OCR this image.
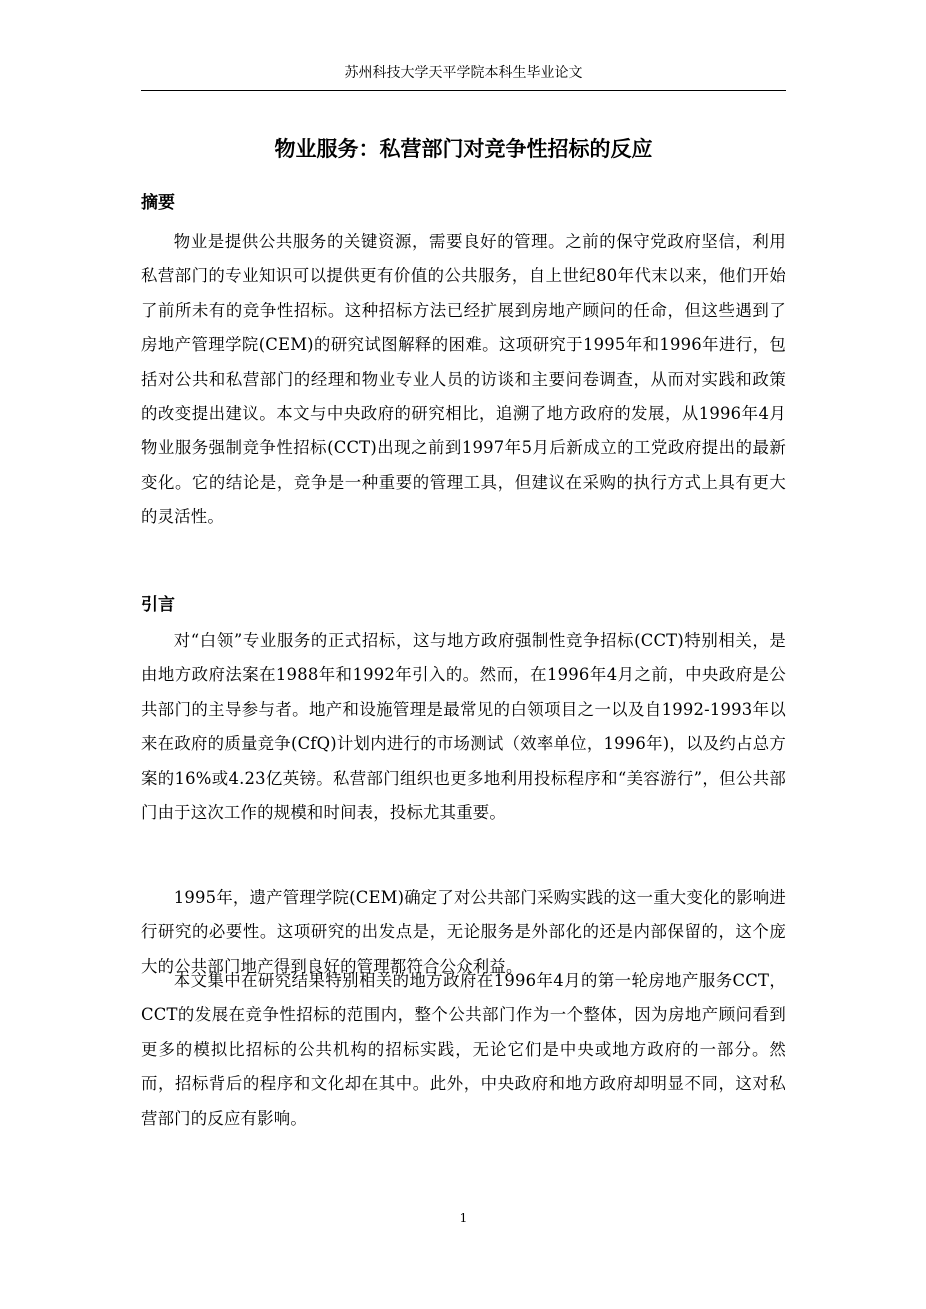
苏州科技大学天平学院本科生毕业论文
物业服务：私营部门对竞争性招标的反应
摘要

物业是提供公共服务的关键资源，需要良好的管理。之前的保守党政府坚信，利用私营部门的专业知识可以提供更有价值的公共服务，自上世纪80年代末以来，他们开始了前所未有的竞争性招标。这种招标方法已经扩展到房地产顾问的任命，但这些遇到了房地产管理学院(CEM)的研究试图解释的困难。这项研究于1995年和1996年进行，包括对公共和私营部门的经理和物业专业人员的访谈和主要问卷调查，从而对实践和政策的改变提出建议。本文与中央政府的研究相比，追溯了地方政府的发展，从1996年4月物业服务强制竞争性招标(CCT)出现之前到1997年5月后新成立的工党政府提出的最新变化。它的结论是，竞争是一种重要的管理工具，但建议在采购的执行方式上具有更大的灵活性。

引言

对“白领”专业服务的正式招标，这与地方政府强制性竞争招标(CCT)特别相关，是由地方政府法案在1988年和1992年引入的。然而，在1996年4月之前，中央政府是公共部门的主导参与者。地产和设施管理是最常见的白领项目之一以及自1992-1993年以来在政府的质量竞争(CfQ)计划内进行的市场测试（效率单位，1996年)，以及约占总方案的16%或4.23亿英镑。私营部门组织也更多地利用投标程序和“美容游行”，但公共部门由于这次工作的规模和时间表，投标尤其重要。

1995年，遗产管理学院(CEM)确定了对公共部门采购实践的这一重大变化的影响进行研究的必要性。这项研究的出发点是，无论服务是外部化的还是内部保留的，这个庞大的公共部门地产得到良好的管理都符合公众利益。

本文集中在研究结果特别相关的地方政府在1996年4月的第一轮房地产服务CCT，CCT的发展在竞争性招标的范围内，整个公共部门作为一个整体，因为房地产顾问看到更多的模拟比招标的公共机构的招标实践，无论它们是中央或地方政府的一部分。然而，招标背后的程序和文化却在其中。此外，中央政府和地方政府却明显不同，这对私营部门的反应有影响。

1
